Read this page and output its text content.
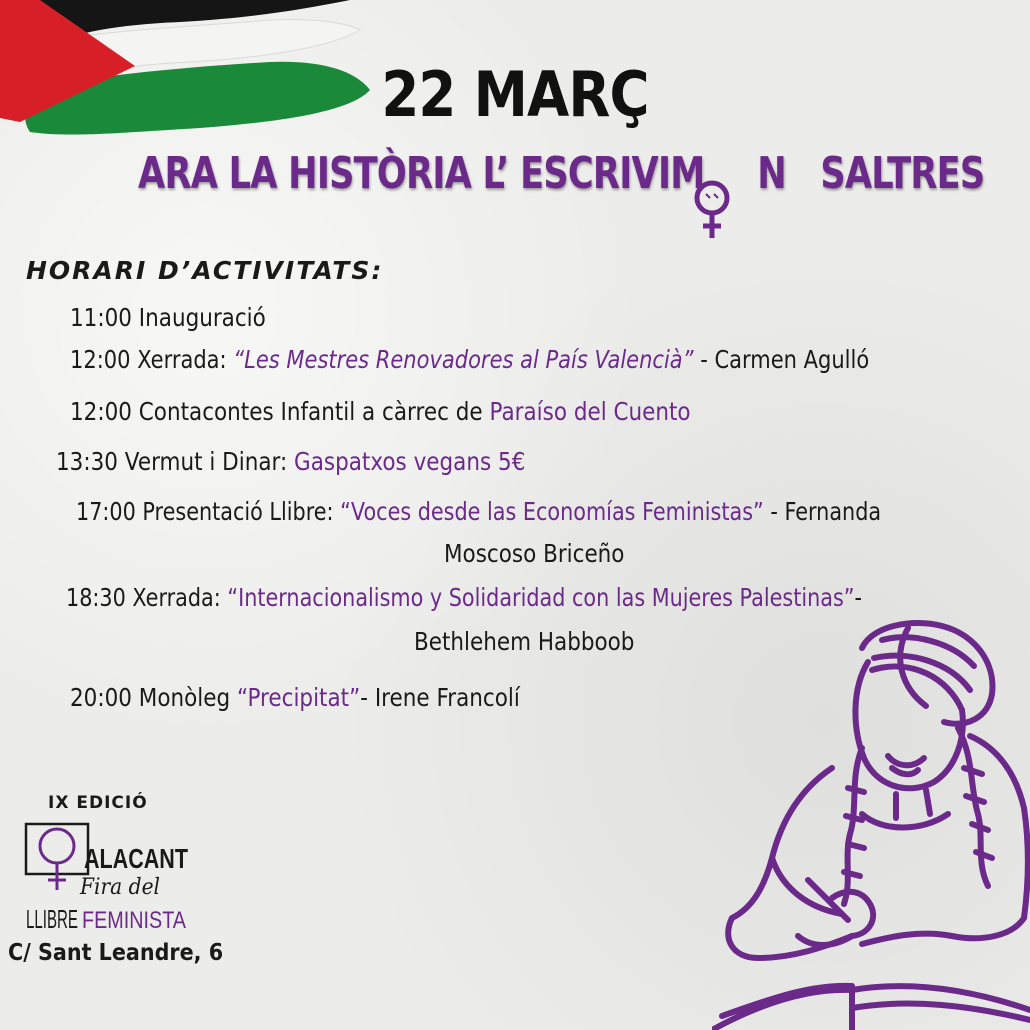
22 MARÇ
ARA LA HISTÒRIA L’ ESCRIVIM N SALTRES
HORARI D’ACTIVITATS:
11:00 Inauguració
12:00 Xerrada: “Les Mestres Renovadores al País Valencià” - Carmen Agulló
12:00 Contacontes Infantil a càrrec de Paraíso del Cuento
13:30 Vermut i Dinar: Gaspatxos vegans 5€
17:00 Presentació Llibre: “Voces desde las Economías Feministas” - Fernanda
Moscoso Briceño
18:30 Xerrada: “Internacionalismo y Solidaridad con las Mujeres Palestinas”-
Bethlehem Habboob
20:00 Monòleg “Precipitat”- Irene Francolí
IX EDICIÓ
ALACANT
Fira del
LLIBRE FEMINISTA
C/ Sant Leandre, 6
